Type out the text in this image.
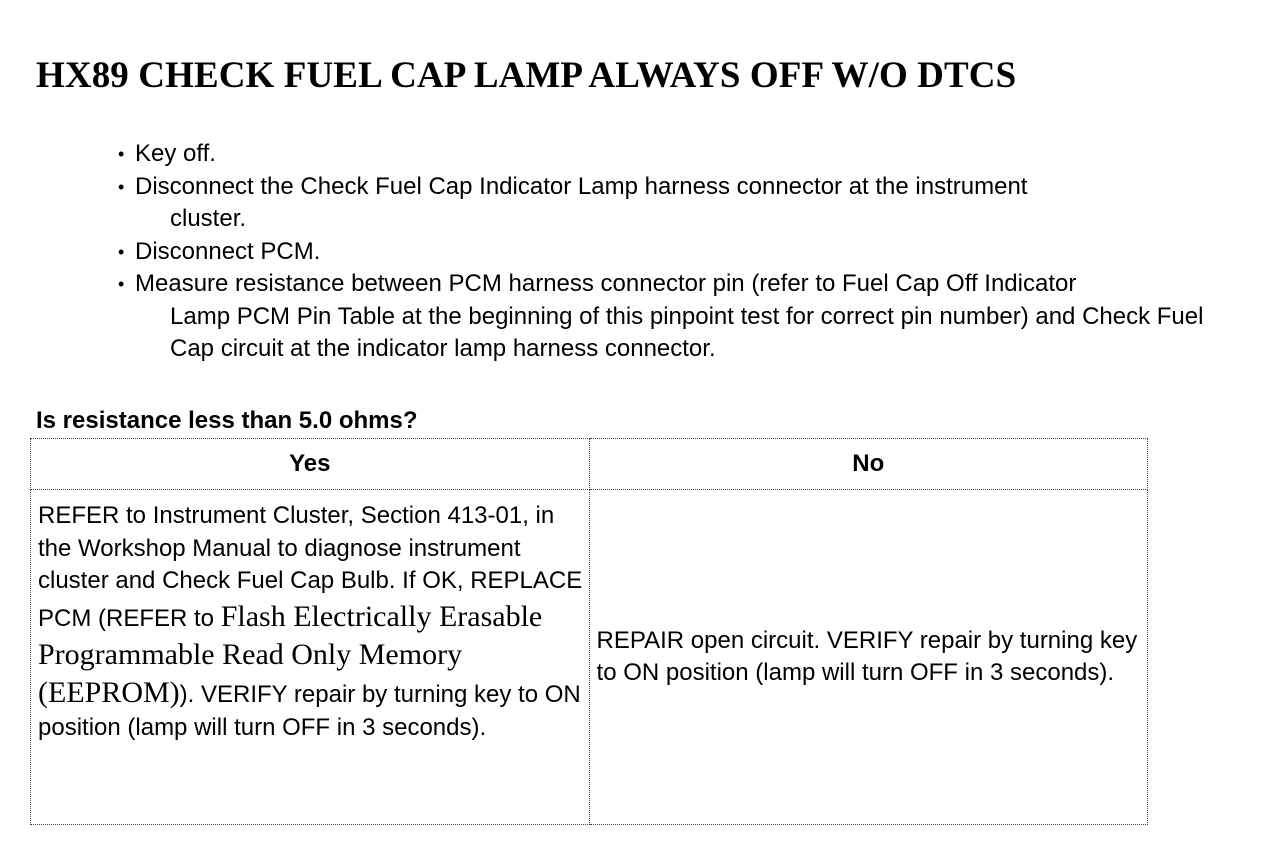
HX89 CHECK FUEL CAP LAMP ALWAYS OFF W/O DTCS
• Key off.
• Disconnect the Check Fuel Cap Indicator Lamp harness connector at the instrument
cluster.
• Disconnect PCM.
• Measure resistance between PCM harness connector pin (refer to Fuel Cap Off Indicator
Lamp PCM Pin Table at the beginning of this pinpoint test for correct pin number) and Check Fuel Cap circuit at the indicator lamp harness connector.

Is resistance less than 5.0 ohms?

Yes	No
REFER to Instrument Cluster, Section 413-01, in the Workshop Manual to diagnose instrument cluster and Check Fuel Cap Bulb. If OK, REPLACE PCM (REFER to Flash Electrically Erasable Programmable Read Only Memory (EEPROM)). VERIFY repair by turning key to ON position (lamp will turn OFF in 3 seconds).	REPAIR open circuit. VERIFY repair by turning key to ON position (lamp will turn OFF in 3 seconds).
